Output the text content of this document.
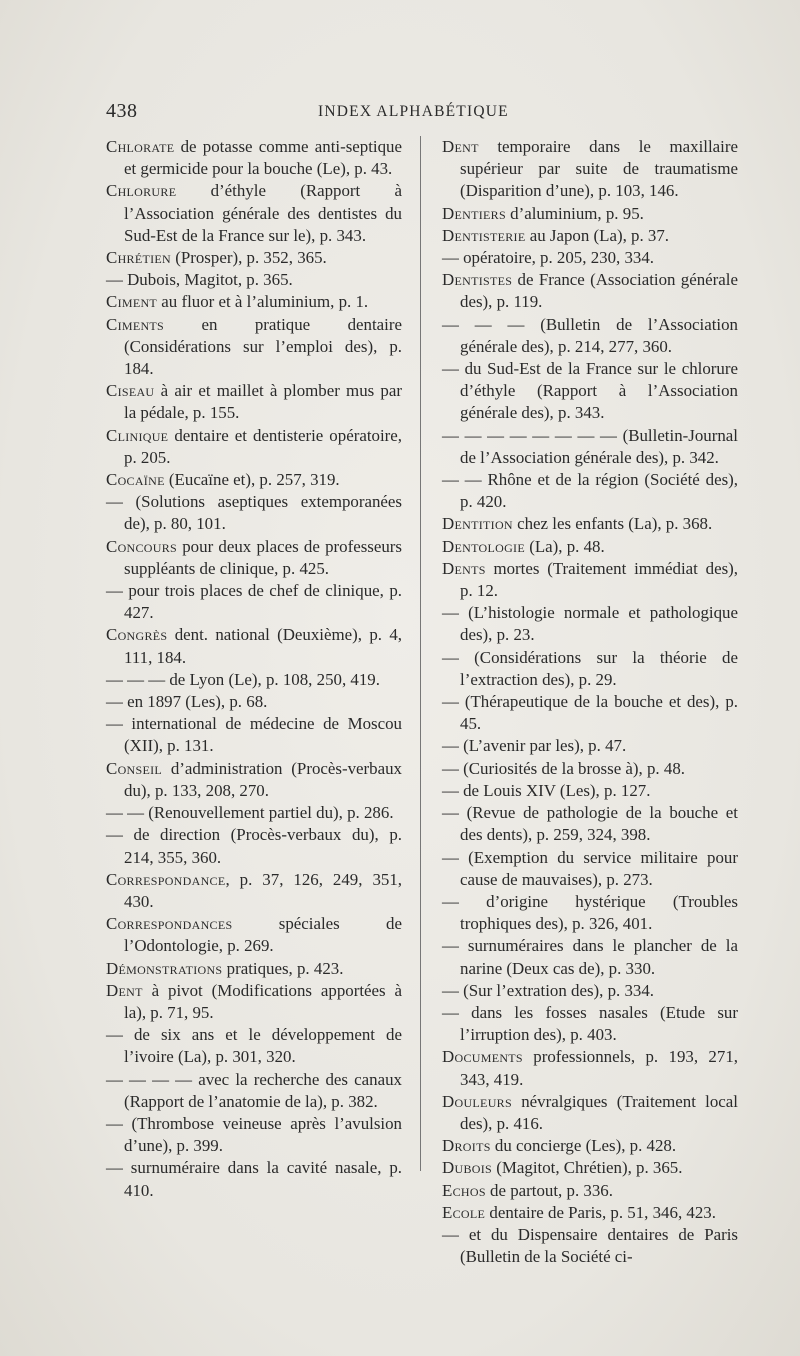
438	INDEX ALPHABÉTIQUE

Chlorate de potasse comme anti-septique et germicide pour la bouche (Le), p. 43.

Chlorure d’éthyle (Rapport à l’Association générale des dentistes du Sud-Est de la France sur le), p. 343.

Chrétien (Prosper), p. 352, 365.

— Dubois, Magitot, p. 365.

Ciment au fluor et à l’aluminium, p. 1.

Ciments en pratique dentaire (Considérations sur l’emploi des), p. 184.

Ciseau à air et maillet à plomber mus par la pédale, p. 155.

Clinique dentaire et dentisterie opératoire, p. 205.

Cocaïne (Eucaïne et), p. 257, 319.

— (Solutions aseptiques extemporanées de), p. 80, 101.

Concours pour deux places de professeurs suppléants de clinique, p. 425.

— pour trois places de chef de clinique, p. 427.

Congrès dent. national (Deuxième), p. 4, 111, 184.

— — — de Lyon (Le), p. 108, 250, 419.

— en 1897 (Les), p. 68.

— international de médecine de Moscou (XII), p. 131.

Conseil d’administration (Procès-verbaux du), p. 133, 208, 270.

— — (Renouvellement partiel du), p. 286.

— de direction (Procès-verbaux du), p. 214, 355, 360.

Correspondance, p. 37, 126, 249, 351, 430.

Correspondances spéciales de l’Odontologie, p. 269.

Démonstrations pratiques, p. 423.

Dent à pivot (Modifications apportées à la), p. 71, 95.

— de six ans et le développement de l’ivoire (La), p. 301, 320.

— — — — avec la recherche des canaux (Rapport de l’anatomie de la), p. 382.

— (Thrombose veineuse après l’avulsion d’une), p. 399.

— surnuméraire dans la cavité nasale, p. 410.

Dent temporaire dans le maxillaire supérieur par suite de traumatisme (Disparition d’une), p. 103, 146.

Dentiers d’aluminium, p. 95.

Dentisterie au Japon (La), p. 37.

— opératoire, p. 205, 230, 334.

Dentistes de France (Association générale des), p. 119.

— — — (Bulletin de l’Association générale des), p. 214, 277, 360.

— du Sud-Est de la France sur le chlorure d’éthyle (Rapport à l’Association générale des), p. 343.

— — — — — — — — (Bulletin-Journal de l’Association générale des), p. 342.

— — Rhône et de la région (Société des), p. 420.

Dentition chez les enfants (La), p. 368.

Dentologie (La), p. 48.

Dents mortes (Traitement immédiat des), p. 12.

— (L’histologie normale et pathologique des), p. 23.

— (Considérations sur la théorie de l’extraction des), p. 29.

— (Thérapeutique de la bouche et des), p. 45.

— (L’avenir par les), p. 47.

— (Curiosités de la brosse à), p. 48.

— de Louis XIV (Les), p. 127.

— (Revue de pathologie de la bouche et des dents), p. 259, 324, 398.

— (Exemption du service militaire pour cause de mauvaises), p. 273.

— d’origine hystérique (Troubles trophiques des), p. 326, 401.

— surnuméraires dans le plancher de la narine (Deux cas de), p. 330.

— (Sur l’extration des), p. 334.

— dans les fosses nasales (Etude sur l’irruption des), p. 403.

Documents professionnels, p. 193, 271, 343, 419.

Douleurs névralgiques (Traitement local des), p. 416.

Droits du concierge (Les), p. 428.

Dubois (Magitot, Chrétien), p. 365.

Echos de partout, p. 336.

Ecole dentaire de Paris, p. 51, 346, 423.

— et du Dispensaire dentaires de Paris (Bulletin de la Société ci-
